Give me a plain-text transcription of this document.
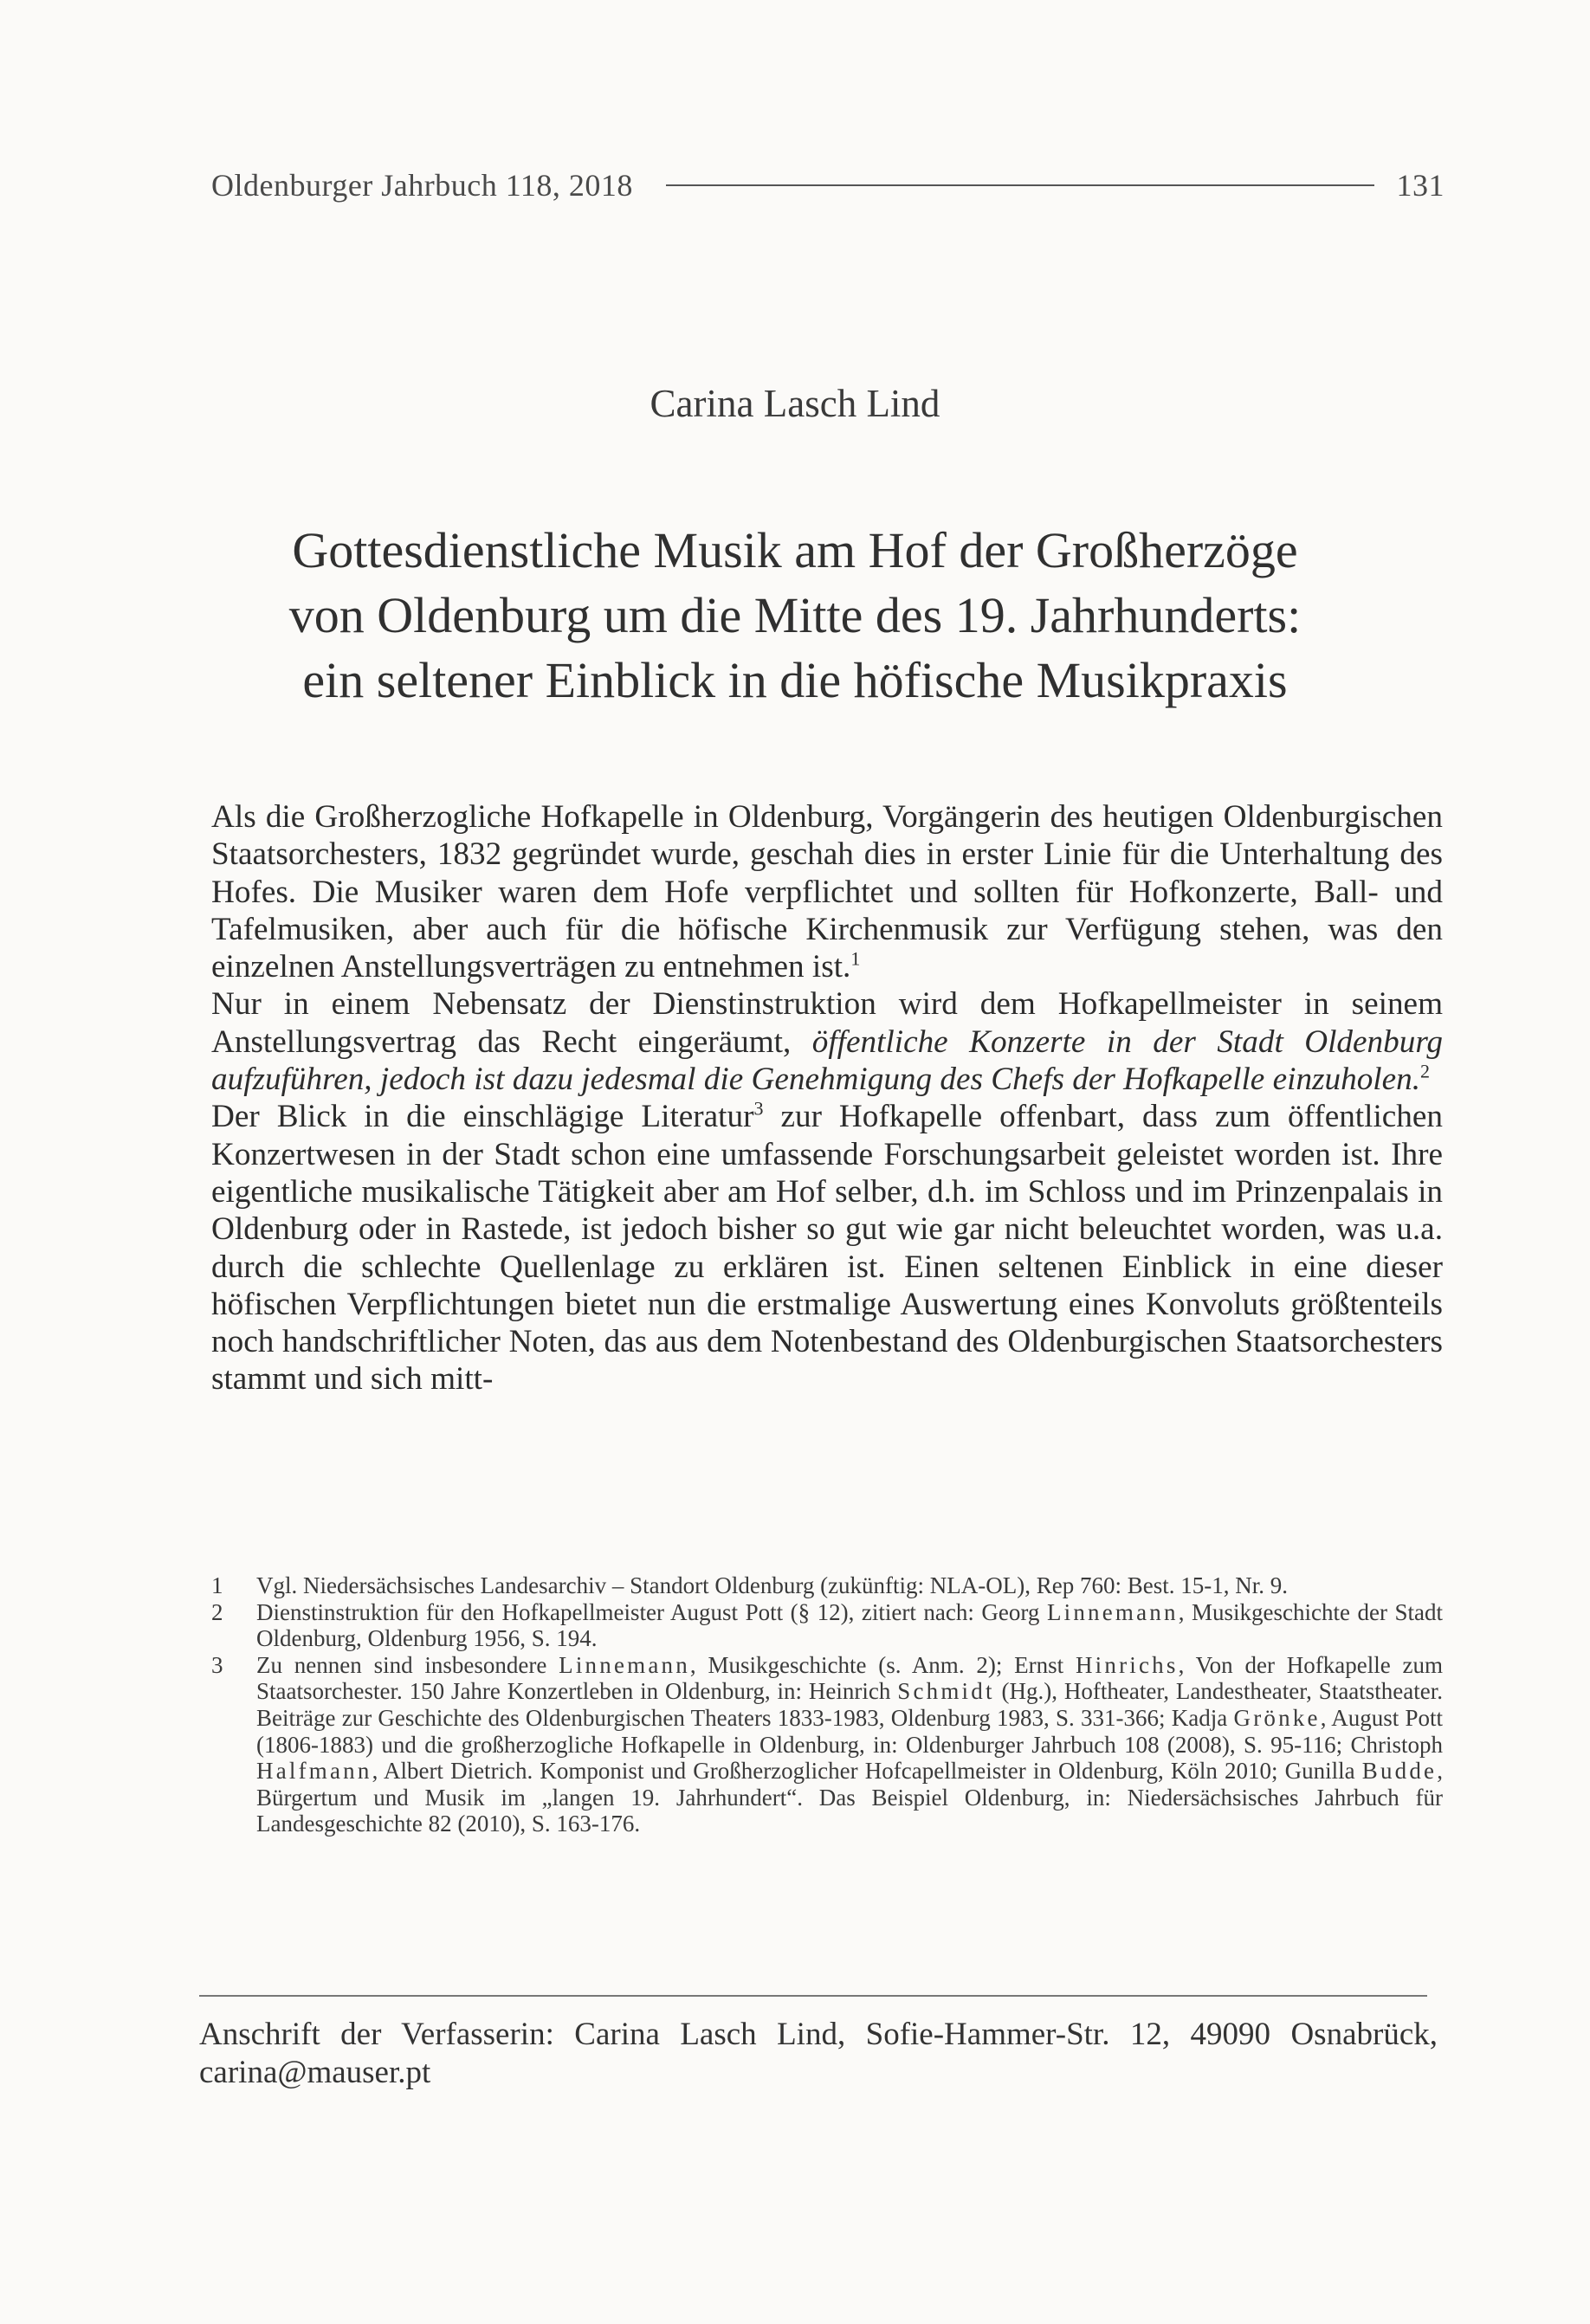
Oldenburger Jahrbuch 118, 2018	131
Carina Lasch Lind
Gottesdienstliche Musik am Hof der Großherzöge
von Oldenburg um die Mitte des 19. Jahrhunderts:
ein seltener Einblick in die höfische Musikpraxis

Als die Großherzogliche Hofkapelle in Oldenburg, Vorgängerin des heutigen Oldenburgischen Staatsorchesters, 1832 gegründet wurde, geschah dies in erster Linie für die Unterhaltung des Hofes. Die Musiker waren dem Hofe verpflichtet und sollten für Hofkonzerte, Ball- und Tafelmusiken, aber auch für die höfische Kirchenmusik zur Verfügung stehen, was den einzelnen Anstellungsverträgen zu entnehmen ist.$^1$

Nur in einem Nebensatz der Dienstinstruktion wird dem Hofkapellmeister in seinem Anstellungsvertrag das Recht eingeräumt, öffentliche Konzerte in der Stadt Oldenburg aufzuführen, jedoch ist dazu jedesmal die Genehmigung des Chefs der Hofkapelle einzuholen.$^2$

Der Blick in die einschlägige Literatur$^3$ zur Hofkapelle offenbart, dass zum öffentlichen Konzertwesen in der Stadt schon eine umfassende Forschungsarbeit geleistet worden ist. Ihre eigentliche musikalische Tätigkeit aber am Hof selber, d.h. im Schloss und im Prinzenpalais in Oldenburg oder in Rastede, ist jedoch bisher so gut wie gar nicht beleuchtet worden, was u.a. durch die schlechte Quellenlage zu erklären ist. Einen seltenen Einblick in eine dieser höfischen Verpflichtungen bietet nun die erstmalige Auswertung eines Konvoluts größtenteils noch handschriftlicher Noten, das aus dem Notenbestand des Oldenburgischen Staatsorchesters stammt und sich mitt-

1	Vgl. Niedersächsisches Landesarchiv – Standort Oldenburg (zukünftig: NLA-OL), Rep 760: Best. 15-1, Nr. 9.
2	Dienstinstruktion für den Hofkapellmeister August Pott (§ 12), zitiert nach: Georg Linnemann, Musikgeschichte der Stadt Oldenburg, Oldenburg 1956, S. 194.
3	Zu nennen sind insbesondere Linnemann, Musikgeschichte (s. Anm. 2); Ernst Hinrichs, Von der Hofkapelle zum Staatsorchester. 150 Jahre Konzertleben in Oldenburg, in: Heinrich Schmidt (Hg.), Hoftheater, Landestheater, Staatstheater. Beiträge zur Geschichte des Oldenburgischen Theaters 1833-1983, Oldenburg 1983, S. 331-366; Kadja Grönke, August Pott (1806-1883) und die großherzogliche Hofkapelle in Oldenburg, in: Oldenburger Jahrbuch 108 (2008), S. 95-116; Christoph Halfmann, Albert Dietrich. Komponist und Großherzoglicher Hofcapellmeister in Oldenburg, Köln 2010; Gunilla Budde, Bürgertum und Musik im „langen 19. Jahrhundert“. Das Beispiel Oldenburg, in: Niedersächsisches Jahrbuch für Landesgeschichte 82 (2010), S. 163-176.
Anschrift der Verfasserin: Carina Lasch Lind, Sofie-Hammer-Str. 12, 49090 Osnabrück, carina@mauser.pt
